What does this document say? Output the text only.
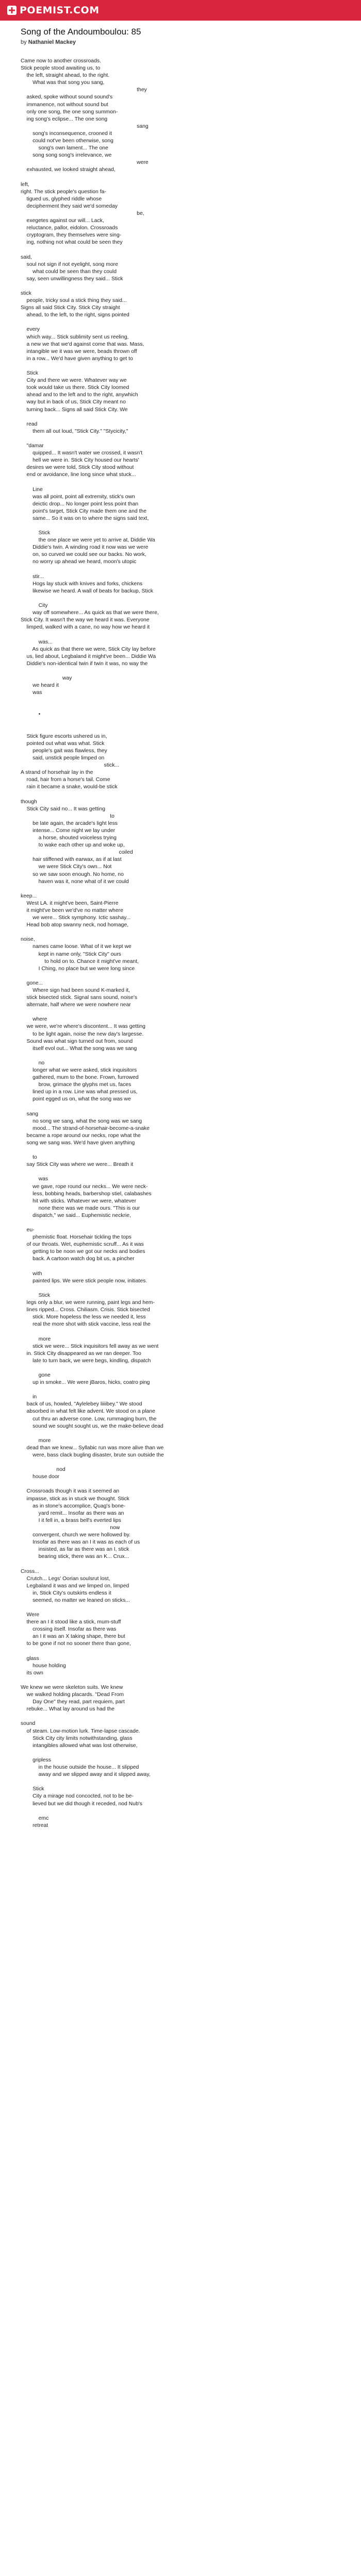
POEMIST.COM
Song of the Andoumboulou: 85
by Nathaniel Mackey
Came now to another crossroads.
Stick people stood awaiting us, to
the left, straight ahead, to the right.
What was that song you sang,
they
asked, spoke without sound sound's
immanence, not without sound but
only one song, the one song summon-
ing song's eclipse... The one song
sang
song's inconsequence, crooned it
could not've been otherwise, song
song's own lament... The one
song song song's irrelevance, we
were
exhausted, we looked straight ahead,
left,
right. The stick people's question fa-
tigued us, glyphed riddle whose
decipherment they said we'd someday
be,
exegetes against our will... Lack,
reluctance, pallor, eidolon. Crossroads
cryptogram, they themselves were sing-
ing, nothing not what could be seen they
said,
soul not sign if not eyelight, song more
what could be seen than they could
say, seen unwillingness they said... Stick
stick
people, tricky soul a stick thing they said...
Signs all said Stick City. Stick City straight
ahead, to the left, to the right, signs pointed
every
which way... Stick sublimity sent us reeling,
a new we that we'd against come that was. Mass,
intangible we it was we were, beads thrown off
in a row... We'd have given anything to get to
Stick
City and there we were. Whatever way we
took would take us there. Stick City loomed
ahead and to the left and to the right, anywhich
way but in back of us, Stick City meant no
turning back... Signs all said Stick City. We
read
them all out loud, "Stick City." "Stycicity,"
"damar
quipped... It wasn't water we crossed, it wasn't
hell we were in. Stick City housed our hearts'
desires we were told, Stick City stood without
end or avoidance, line long since what stuck...
Line
was all point, point all extremity, stick's own
deictic drop... No longer point less point than
point's target, Stick City made them one and the
same... So it was on to where the signs said text,
Stick
the one place we were yet to arrive at, Diddie Wa
Diddie's twin. A winding road it now was we were
on, so curved we could see our backs. No work,
no worry up ahead we heard, moon's utopic
stir...
Hogs lay stuck with knives and forks, chickens
likewise we heard. A wall of beats for backup, Stick
City
way off somewhere... As quick as that we were there,
Stick City. It wasn't the way we heard it was. Everyone
limped, walked with a cane, no way how we heard it
was...
As quick as that there we were, Stick City lay before
us, lied about, Legbaland it might've been... Diddie Wa
Diddie's non-identical twin if twin it was, no way the
way
we heard it
was
•
Stick figure escorts ushered us in,
pointed out what was what. Stick
people's gait was flawless, they
said, unstick people limped on
stick...
A strand of horsehair lay in the
road, hair from a horse's tail. Come
rain it became a snake, would-be stick
though
Stick City said no... It was getting
to
be late again, the arcade's light less
intense... Come night we lay under
a horse, shouted voiceless trying
to wake each other up and woke up,
coiled
hair stiffened with earwax, as if at last
we were Stick City's own... Not
so we saw soon enough. No home, no
haven was it, none what of it we could
keep...
West LA. it might've been, Saint-Pierre
it might've been we'd've no matter where
we were... Stick symphony. Ictic sashay...
Head bob atop swanny neck, nod homage,
noise,
names came loose. What of it we kept we
kept in name only, "Stick City" ours
to hold on to. Chance it might've meant,
I Ching, no place but we were long since
gone...
Where sign had been sound K-marked it,
stick bisected stick. Signal sans sound, noise's
alternate, half where we were nowhere near
where
we were, we're where's discontent... It was getting
to be light again, noise the new day's largesse.
Sound was what sign turned out from, sound
itself evol out... What the song was we sang
no
longer what we were asked, stick inquisitors
gathered, mum to the bone. Frown, furrowed
brow, grimace the glyphs met us, faces
lined up in a row. Line was what pressed us,
point egged us on, what the song was we
sang
no song we sang, what the song was we sang
mood... The strand-of-horsehair-become-a-snake
became a rope around our necks, rope what the
song we sang was. We'd have given anything
to
say Stick City was where we were... Breath it
was
we gave, rope round our necks... We were neck-
less, bobbing heads, barbershop stiel, calabashes
hit with sticks. Whatever we were, whatever
none there was we made ours. "This is our
dispatch," we said... Euphemistic neckrie,
eu-
phemistic float. Horsehair tickling the tops
of our throats. Wet, euphemistic scruff... As it was
getting to be noon we got our necks and bodies
back. A cartoon watch dog bit us, a pincher
with
painted lips. We were stick people now, initiates.
Stick
legs only a blur, we were running, paint legs and hem-
lines ripped... Cross. Chiliasm. Crisis. Stick bisected
stick. More hopeless the less we needed it, less
real the more shot with stick vaccine, less real the
more
stick we were... Stick inquisitors fell away as we went
in. Stick City disappeared as we ran deeper. Too
late to turn back, we were begs, kindling, dispatch
gone
up in smoke... We were jBaros, hicks, coatro ping
in
back of us, howled, "Aylelebey liiiibey." We stood
absorbed in what felt like advent. We stood on a plane
cut thru an adverse cone. Low, rummaging burn, the
sound we sought sought us, we the make-believe dead
more
dead than we knew... Syllabic run was more alive than we
were, bass clack bugling disaster, brute sun outside the
nod
house door
Crossroads though it was it seemed an
impasse, stick as in stuck we thought. Stick
as in stone's accomplice, Quag's bone-
yard remit... Insofar as there was an
I it fell in, a brass bell's everted lips
now
convergent, church we were hollowed by.
Insofar as there was an I it was as each of us
insisted, as far as there was an I, stick
bearing stick, there was an K... Crux...
Cross...
Crutch... Legs' Oorian soulsrut lost,
Legbaland it was and we limped on, limped
in, Stick City's outskirts endless it
seemed, no matter we leaned on sticks...
Were
there an I it stood like a stick, mum-stuff
crossing itself. Insofar as there was
an I it was an X taking shape, there but
to be gone if not no sooner there than gone,
glass
house holding
its own
We knew we were skeleton suits. We knew
we walked holding placards. "Dead From
Day One" they read, part requiem, part
rebuke... What lay around us had the
sound
of steam. Low-motion lurk. Time-lapse cascade.
Stick City city limits notwithstanding, glass
intangibles allowed what was lost otherwise,
gripless
in the house outside the house... It slipped
away and we slipped away and it slipped away,
Stick
City a mirage nod concocted, not to be be-
lieved but we did though it receded, nod Nub's
emc
retreat
